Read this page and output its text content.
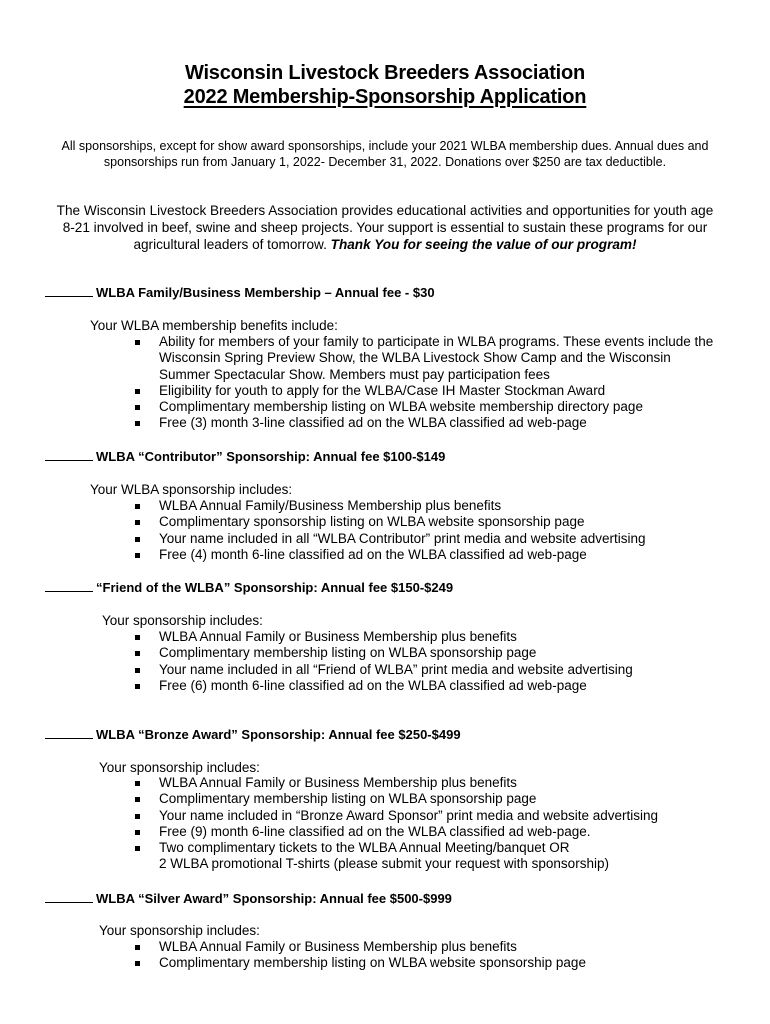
Wisconsin Livestock Breeders Association
2022 Membership-Sponsorship Application
All sponsorships, except for show award sponsorships, include your 2021 WLBA membership dues. Annual dues and
sponsorships run from January 1, 2022- December 31, 2022. Donations over $250 are tax deductible.
The Wisconsin Livestock Breeders Association provides educational activities and opportunities for youth age
8-21 involved in beef, swine and sheep projects. Your support is essential to sustain these programs for our
agricultural leaders of tomorrow. Thank You for seeing the value of our program!
WLBA Family/Business Membership – Annual fee - $30
Your WLBA membership benefits include:
Ability for members of your family to participate in WLBA programs. These events include the
Wisconsin Spring Preview Show, the WLBA Livestock Show Camp and the Wisconsin
Summer Spectacular Show. Members must pay participation fees
Eligibility for youth to apply for the WLBA/Case IH Master Stockman Award
Complimentary membership listing on WLBA website membership directory page
Free (3) month 3-line classified ad on the WLBA classified ad web-page
WLBA “Contributor” Sponsorship: Annual fee $100-$149
Your WLBA sponsorship includes:
WLBA Annual Family/Business Membership plus benefits
Complimentary sponsorship listing on WLBA website sponsorship page
Your name included in all “WLBA Contributor” print media and website advertising
Free (4) month 6-line classified ad on the WLBA classified ad web-page
“Friend of the WLBA” Sponsorship: Annual fee $150-$249
Your sponsorship includes:
WLBA Annual Family or Business Membership plus benefits
Complimentary membership listing on WLBA sponsorship page
Your name included in all “Friend of WLBA” print media and website advertising
Free (6) month 6-line classified ad on the WLBA classified ad web-page
WLBA “Bronze Award” Sponsorship: Annual fee $250-$499
Your sponsorship includes:
WLBA Annual Family or Business Membership plus benefits
Complimentary membership listing on WLBA sponsorship page
Your name included in “Bronze Award Sponsor” print media and website advertising
Free (9) month 6-line classified ad on the WLBA classified ad web-page.
Two complimentary tickets to the WLBA Annual Meeting/banquet OR
2 WLBA promotional T-shirts (please submit your request with sponsorship)
WLBA “Silver Award” Sponsorship: Annual fee $500-$999
Your sponsorship includes:
WLBA Annual Family or Business Membership plus benefits
Complimentary membership listing on WLBA website sponsorship page
